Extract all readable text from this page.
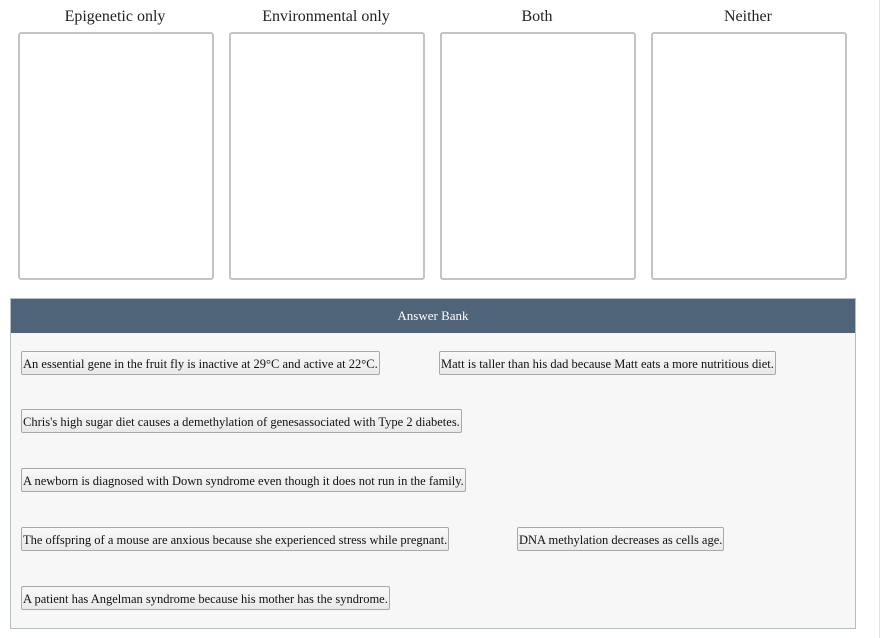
Epigenetic only	Environmental only	Both	Neither
Answer Bank
An essential gene in the fruit fly is inactive at 29°C and active at 22°C.	Matt is taller than his dad because Matt eats a more nutritious diet.
Chris's high sugar diet causes a demethylation of genesassociated with Type 2 diabetes.
A newborn is diagnosed with Down syndrome even though it does not run in the family.
The offspring of a mouse are anxious because she experienced stress while pregnant.	DNA methylation decreases as cells age.
A patient has Angelman syndrome because his mother has the syndrome.
